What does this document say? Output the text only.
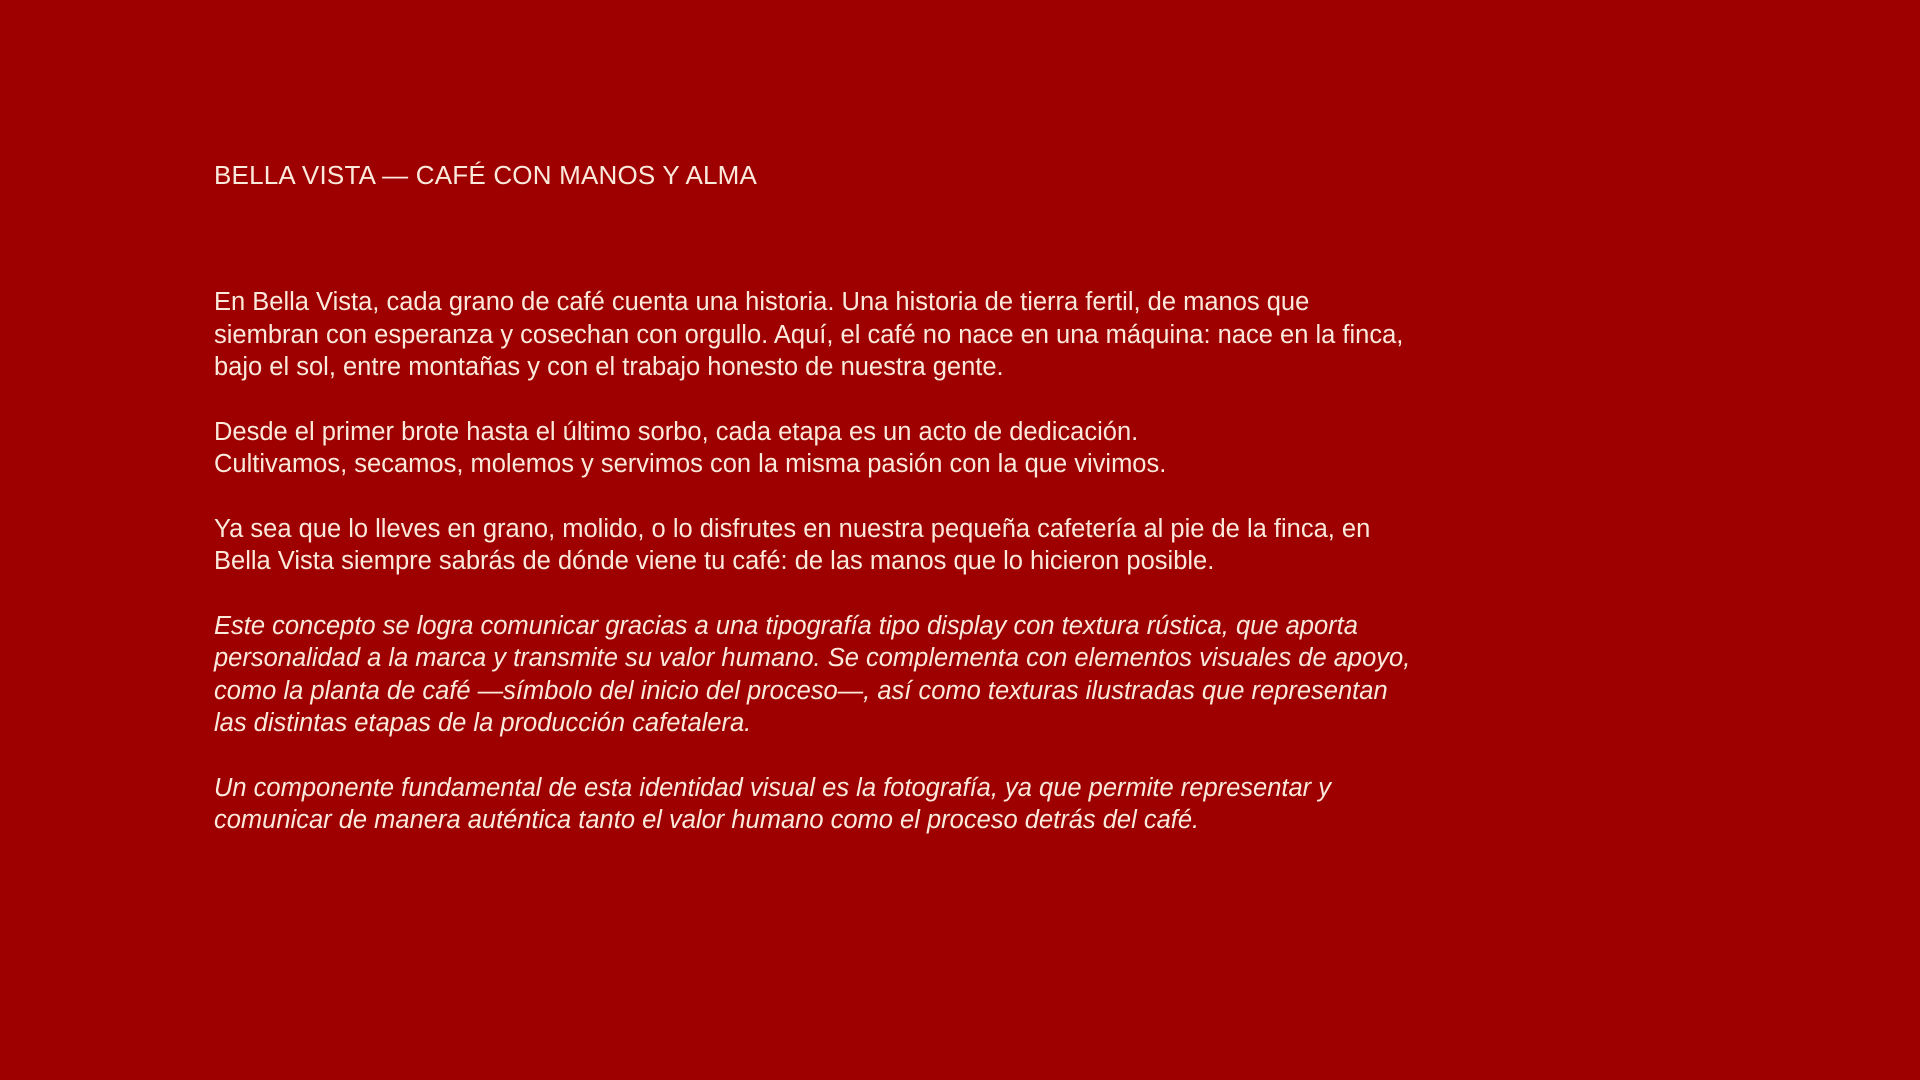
BELLA VISTA — CAFÉ CON MANOS Y ALMA

En Bella Vista, cada grano de café cuenta una historia. Una historia de tierra fertil, de manos que
siembran con esperanza y cosechan con orgullo. Aquí, el café no nace en una máquina: nace en la finca,
bajo el sol, entre montañas y con el trabajo honesto de nuestra gente.

Desde el primer brote hasta el último sorbo, cada etapa es un acto de dedicación.
Cultivamos, secamos, molemos y servimos con la misma pasión con la que vivimos.

Ya sea que lo lleves en grano, molido, o lo disfrutes en nuestra pequeña cafetería al pie de la finca, en
Bella Vista siempre sabrás de dónde viene tu café: de las manos que lo hicieron posible.

Este concepto se logra comunicar gracias a una tipografía tipo display con textura rústica, que aporta
personalidad a la marca y transmite su valor humano. Se complementa con elementos visuales de apoyo,
como la planta de café —símbolo del inicio del proceso—, así como texturas ilustradas que representan
las distintas etapas de la producción cafetalera.

Un componente fundamental de esta identidad visual es la fotografía, ya que permite representar y
comunicar de manera auténtica tanto el valor humano como el proceso detrás del café.
